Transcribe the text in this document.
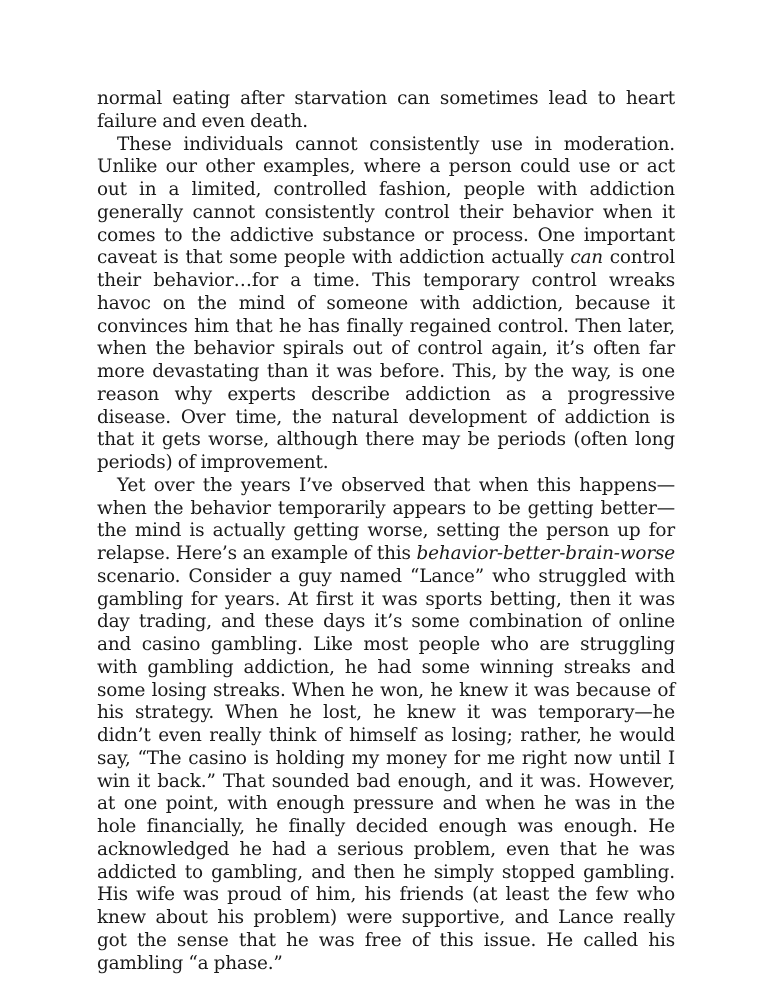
normal eating after starvation can sometimes lead to heart failure and even death.

These individuals cannot consistently use in moderation. Unlike our other examples, where a person could use or act out in a limited, controlled fashion, people with addiction generally cannot consistently control their behavior when it comes to the addictive substance or process. One important caveat is that some people with addiction actually can control their behavior…for a time. This temporary control wreaks havoc on the mind of someone with addiction, because it convinces him that he has finally regained control. Then later, when the behavior spirals out of control again, it’s often far more devastating than it was before. This, by the way, is one reason why experts describe addiction as a progressive disease. Over time, the natural development of addiction is that it gets worse, although there may be periods (often long periods) of improvement.

Yet over the years I’ve observed that when this happens—when the behavior temporarily appears to be getting better—the mind is actually getting worse, setting the person up for relapse. Here’s an example of this behavior-better-brain-worse scenario. Consider a guy named “Lance” who struggled with gambling for years. At first it was sports betting, then it was day trading, and these days it’s some combination of online and casino gambling. Like most people who are struggling with gambling addiction, he had some winning streaks and some losing streaks. When he won, he knew it was because of his strategy. When he lost, he knew it was temporary—he didn’t even really think of himself as losing; rather, he would say, “The casino is holding my money for me right now until I win it back.” That sounded bad enough, and it was. However, at one point, with enough pressure and when he was in the hole financially, he finally decided enough was enough. He acknowledged he had a serious problem, even that he was addicted to gambling, and then he simply stopped gambling. His wife was proud of him, his friends (at least the few who knew about his problem) were supportive, and Lance really got the sense that he was free of this issue. He called his gambling “a phase.”
